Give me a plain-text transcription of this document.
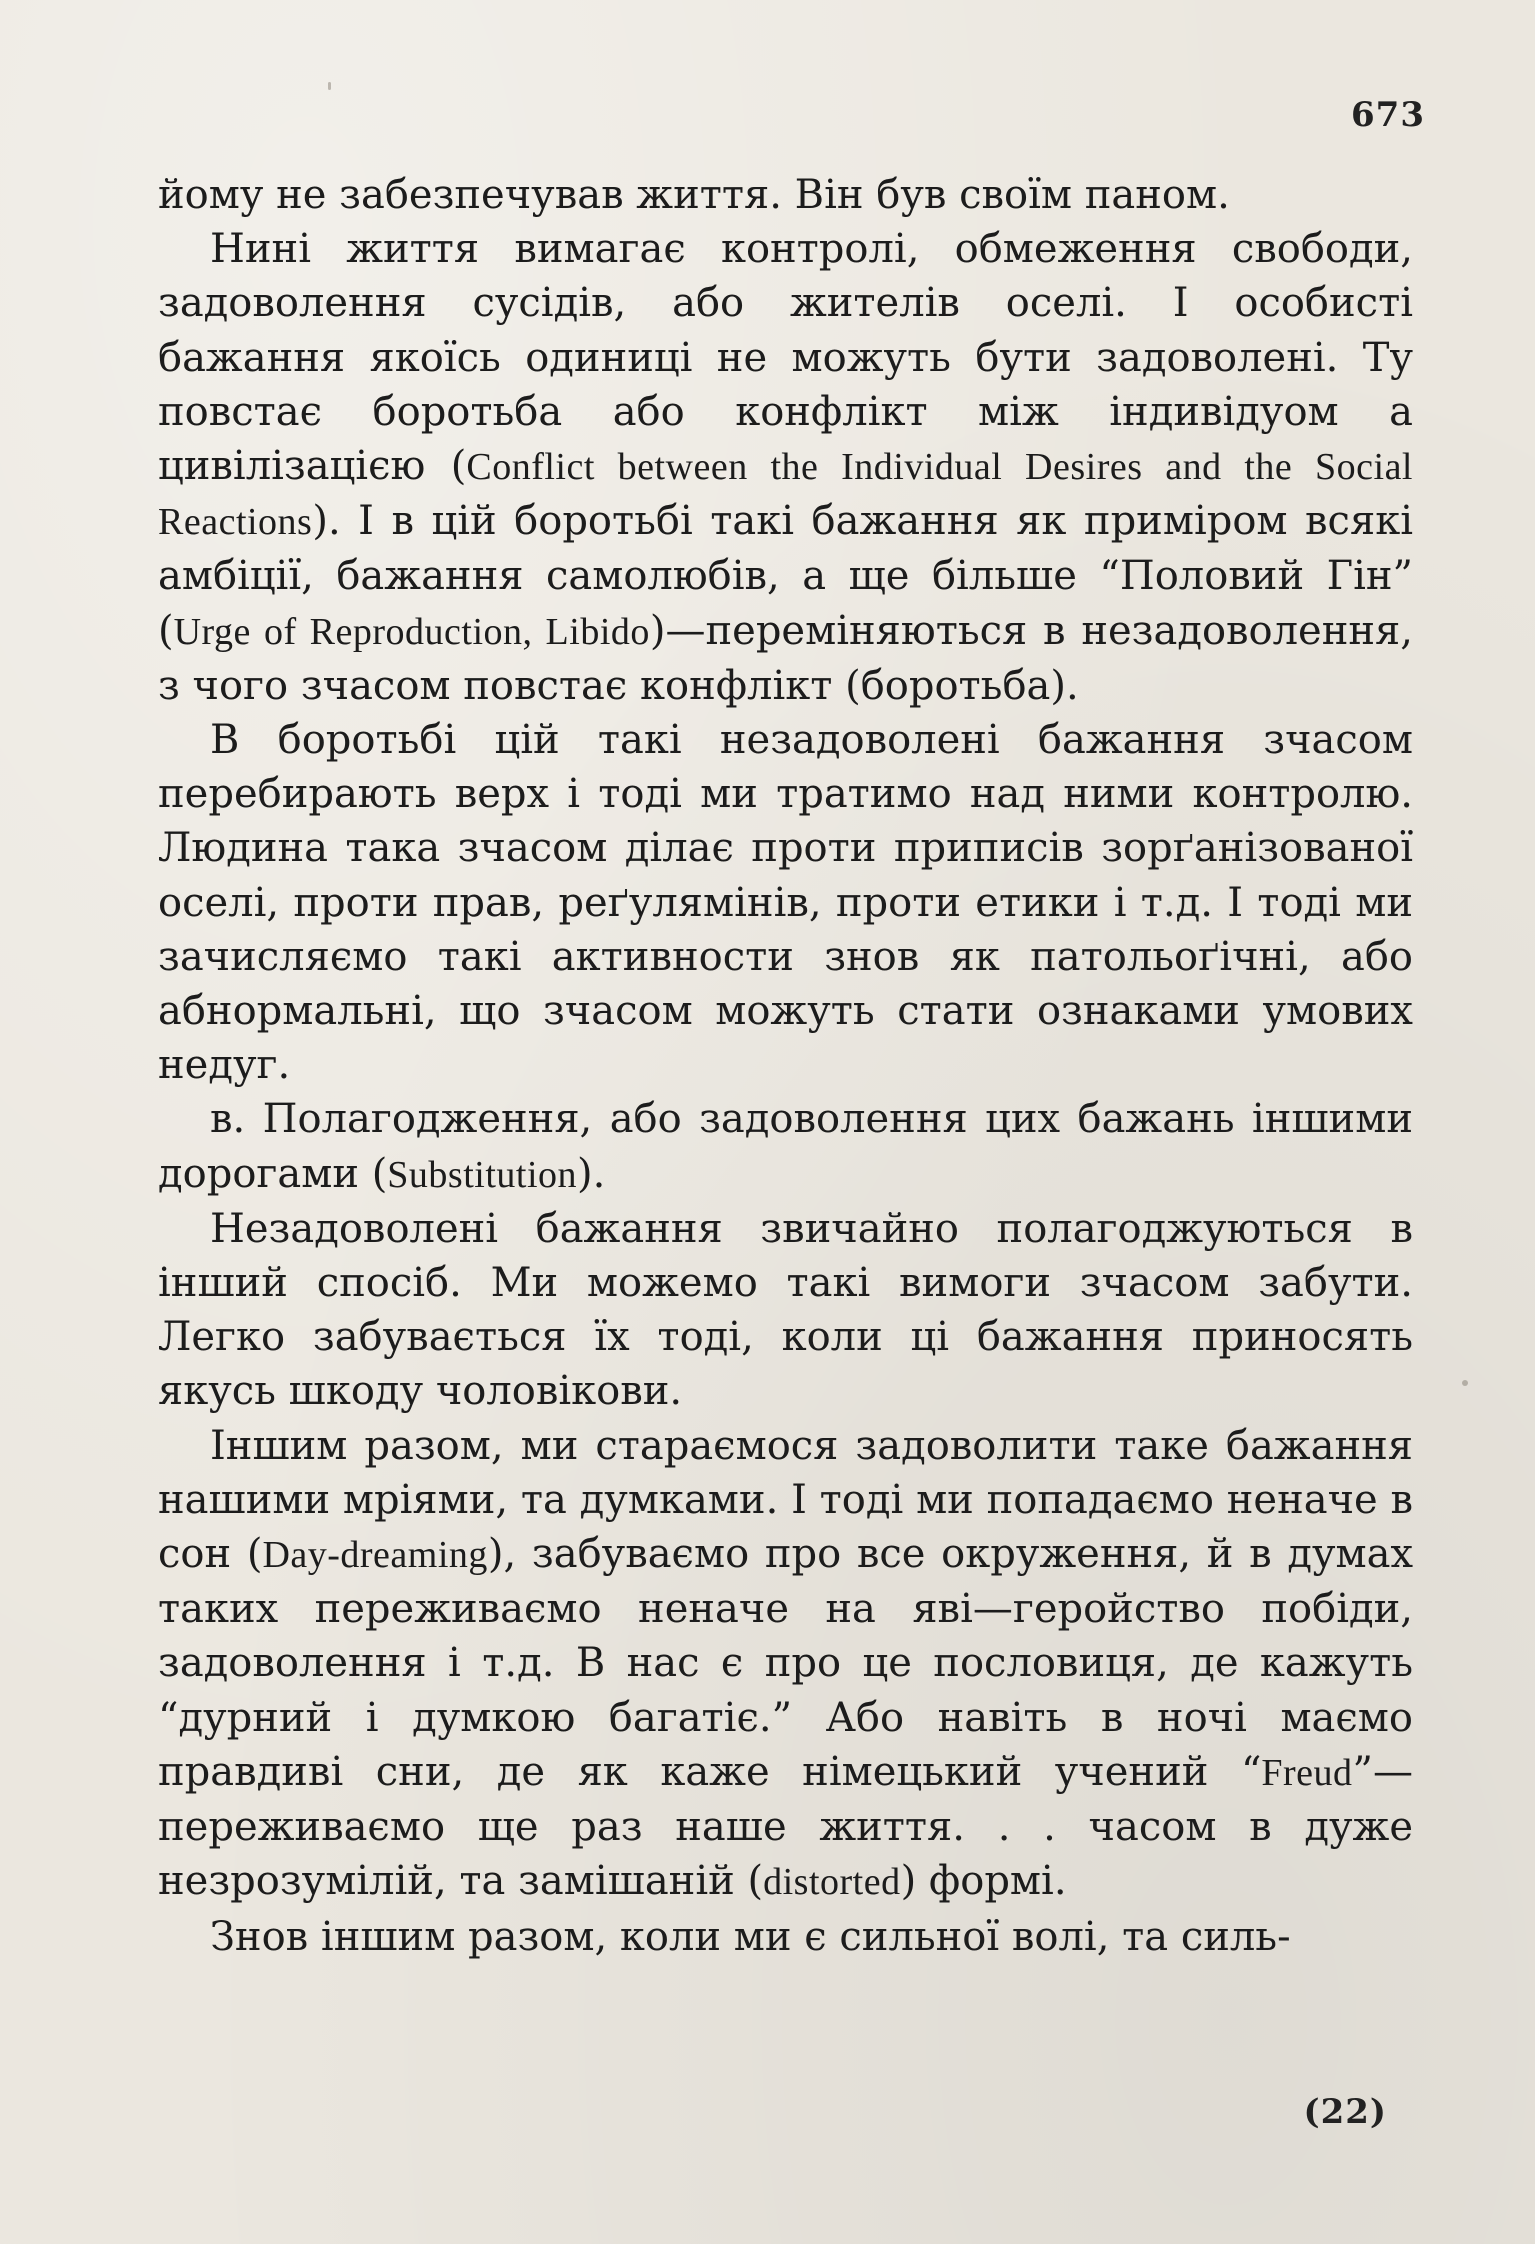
673

йому не забезпечував життя. Він був своїм паном.

Нині життя вимагає контролі, обмеження свободи, задоволення сусідів, або жителів оселі. І особисті бажання якоїсь одиниці не можуть бути задоволені. Ту повстає боротьба або конфлікт між індивідуом а цивілізацією (Conflict between the Individual Desires and the Social Reactions). І в цій боротьбі такі бажання як приміром всякі амбіції, бажання самолюбів, а ще більше “Половий Гін” (Urge of Reproduction, Libido)—переміняються в незадоволення, з чого зчасом повстає конфлікт (боротьба).

В боротьбі цій такі незадоволені бажання зчасом перебирають верх і тоді ми тратимо над ними контролю. Людина така зчасом ділає проти приписів зорґанізованої оселі, проти прав, реґулямінів, проти етики і т.д. І тоді ми зачисляємо такі активности знов як патольоґічні, або абнормальні, що зчасом можуть стати ознаками умових недуг.

в. Полагодження, або задоволення цих бажань іншими дорогами (Substitution).

Незадоволені бажання звичайно полагоджуються в інший спосіб. Ми можемо такі вимоги зчасом забути. Легко забувається їх тоді, коли ці бажання приносять якусь шкоду чоловікови.

Іншим разом, ми стараємося задоволити таке бажання нашими мріями, та думками. І тоді ми попадаємо неначе в сон (Day-dreaming), забуваємо про все окруження, й в думах таких переживаємо неначе на яві—геройство побіди, задоволення і т.д. В нас є про це пословиця, де кажуть “дурний і думкою багатіє.” Або навіть в ночі маємо правдиві сни, де як каже німецький учений “Freud”—переживаємо ще раз наше життя. . . часом в дуже незрозумілій, та замішаній (distorted) формі.

Знов іншим разом, коли ми є сильної волі, та силь-

(22)
